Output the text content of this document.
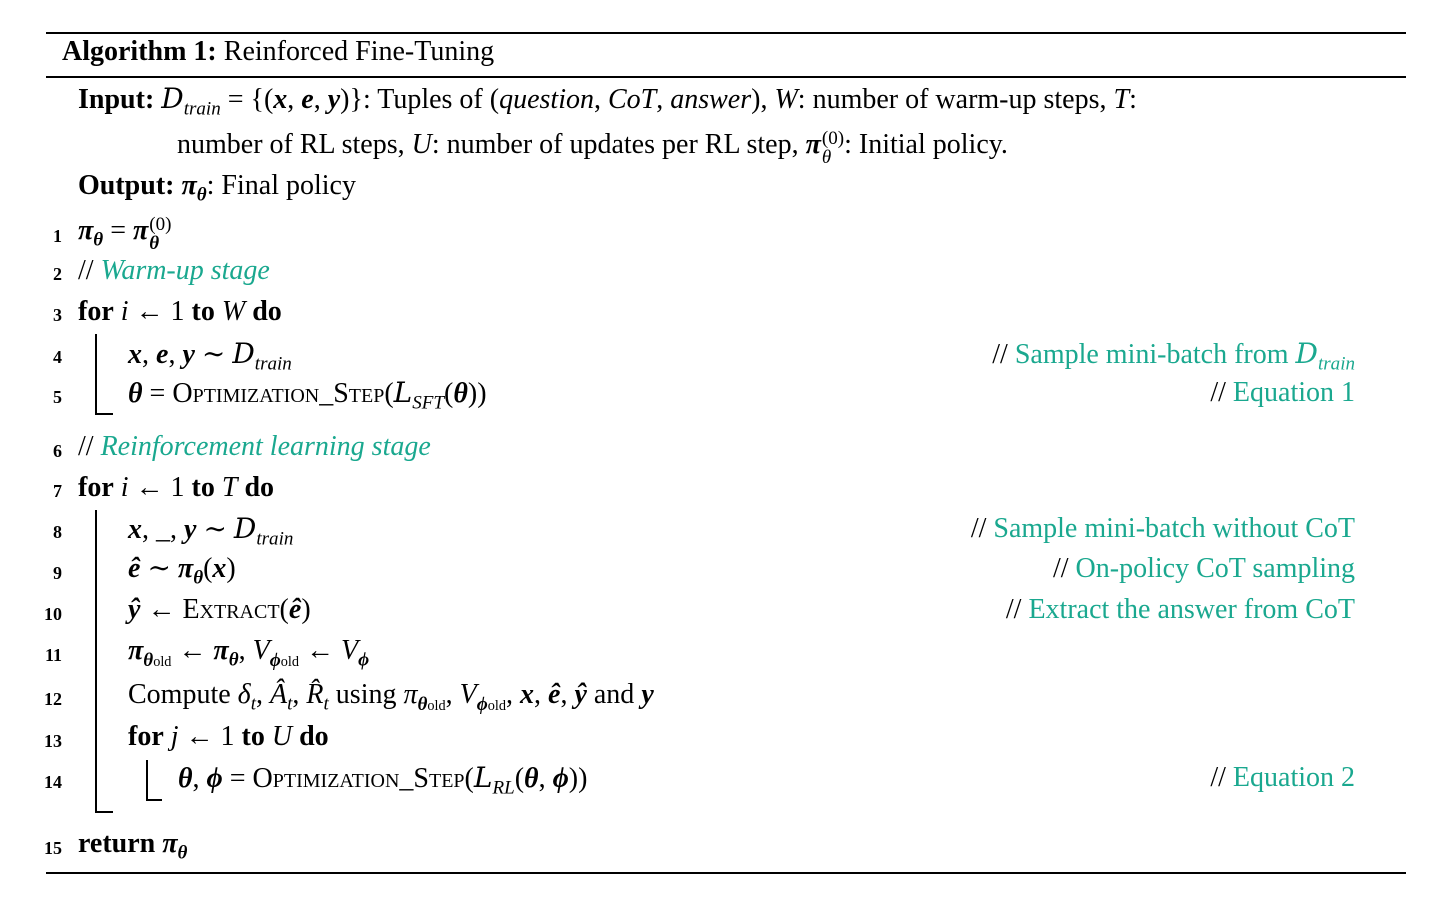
Algorithm 1: Reinforced Fine-Tuning
Input: $D_{train} = \{(x$, e, y)}: Tuples of (question, CoT, answer), W: number of warm-up steps, T:
number of RL steps, U: number of updates per RL step, π (0)
θ : Initial policy.
Output: $\pi_\theta$: Final policy
1 $\pi_\theta = \pi$ (0)
θ
2 // Warm-up stage
3 for i ← 1 to W do
4 x, e, y ∼ $D_{train}$	// Sample mini-batch from $D_{train}$
5 $\theta = Optimization\_Step(L_{SFT}(\theta))$	// Equation 1
6 // Reinforcement learning stage
7 for i ← 1 to T do
8 x, _, y ∼ $D_{train}$	// Sample mini-batch without CoT
9 ê ∼ $\pi_\theta(x)$	// On-policy CoT sampling
10 ŷ ← Extract(ê)	// Extract the answer from CoT
11 $\pi_{\theta old}$ ← $\pi_\theta$, $V_{\phi old}$ ← $V_\phi$
12 Compute $\delta_t$, $Â_t$, $R̂_t$ using $\pi_{\theta old}$, $V_{\phi old}$, x, ê, ŷ and y
13 for j ← 1 to U do
14	θ, $\phi = Optimization\_Step(L_{RL}(\theta$, ϕ))	// Equation 2
15 return $\pi_\theta$
